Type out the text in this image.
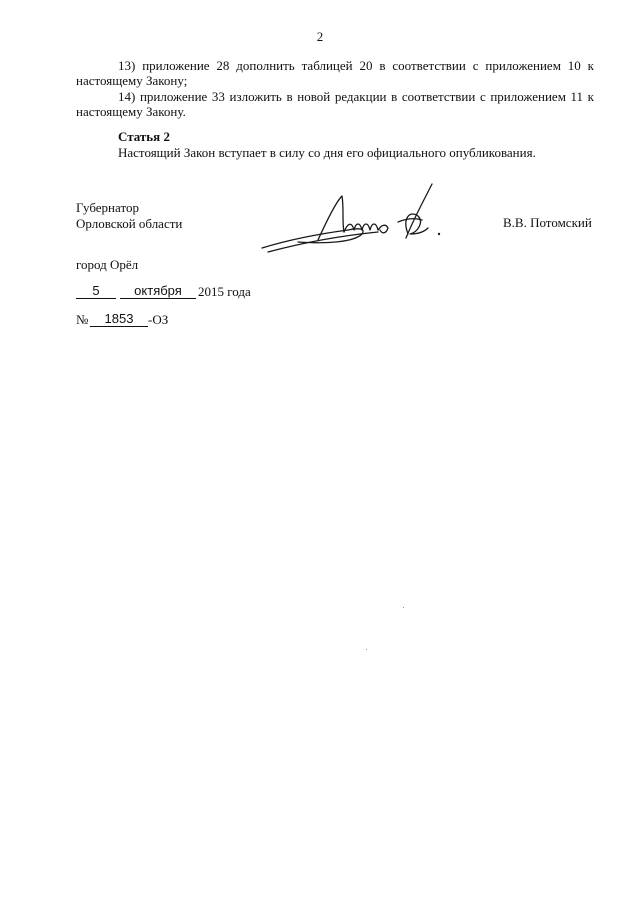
2
13) приложение 28 дополнить таблицей 20 в соответствии с приложением 10 к
настоящему Закону;
14) приложение 33 изложить в новой редакции в соответствии с приложением 11 к
настоящему Закону.
Статья 2
Настоящий Закон вступает в силу со дня его официального опубликования.
Губернатор
Орловской области	В.В. Потомский
город Орёл
5	октября	2015 года
№	1853	-ОЗ
